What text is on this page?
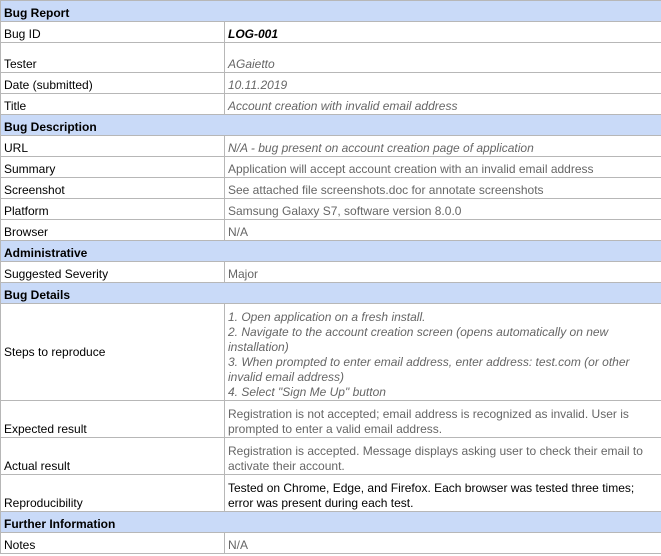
Bug Report	
Bug ID	LOG-001
Tester	AGaietto
Date (submitted)	10.11.2019
Title	Account creation with invalid email address
Bug Description	
URL	N/A - bug present on account creation page of application
Summary	Application will accept account creation with an invalid email address
Screenshot	See attached file screenshots.doc for annotate screenshots
Platform	Samsung Galaxy S7, software version 8.0.0
Browser	N/A
Administrative	
Suggested Severity	Major
Bug Details	
Steps to reproduce	1. Open application on a fresh install.
2. Navigate to the account creation screen (opens automatically on new installation)
3. When prompted to enter email address, enter address: test.com (or other invalid email address)
4. Select "Sign Me Up" button

Expected result	Registration is not accepted; email address is recognized as invalid. User is prompted to enter a valid email address.
Actual result	Registration is accepted. Message displays asking user to check their email to activate their account.
Reproducibility	Tested on Chrome, Edge, and Firefox. Each browser was tested three times; error was present during each test.
Further Information	
Notes	N/A
